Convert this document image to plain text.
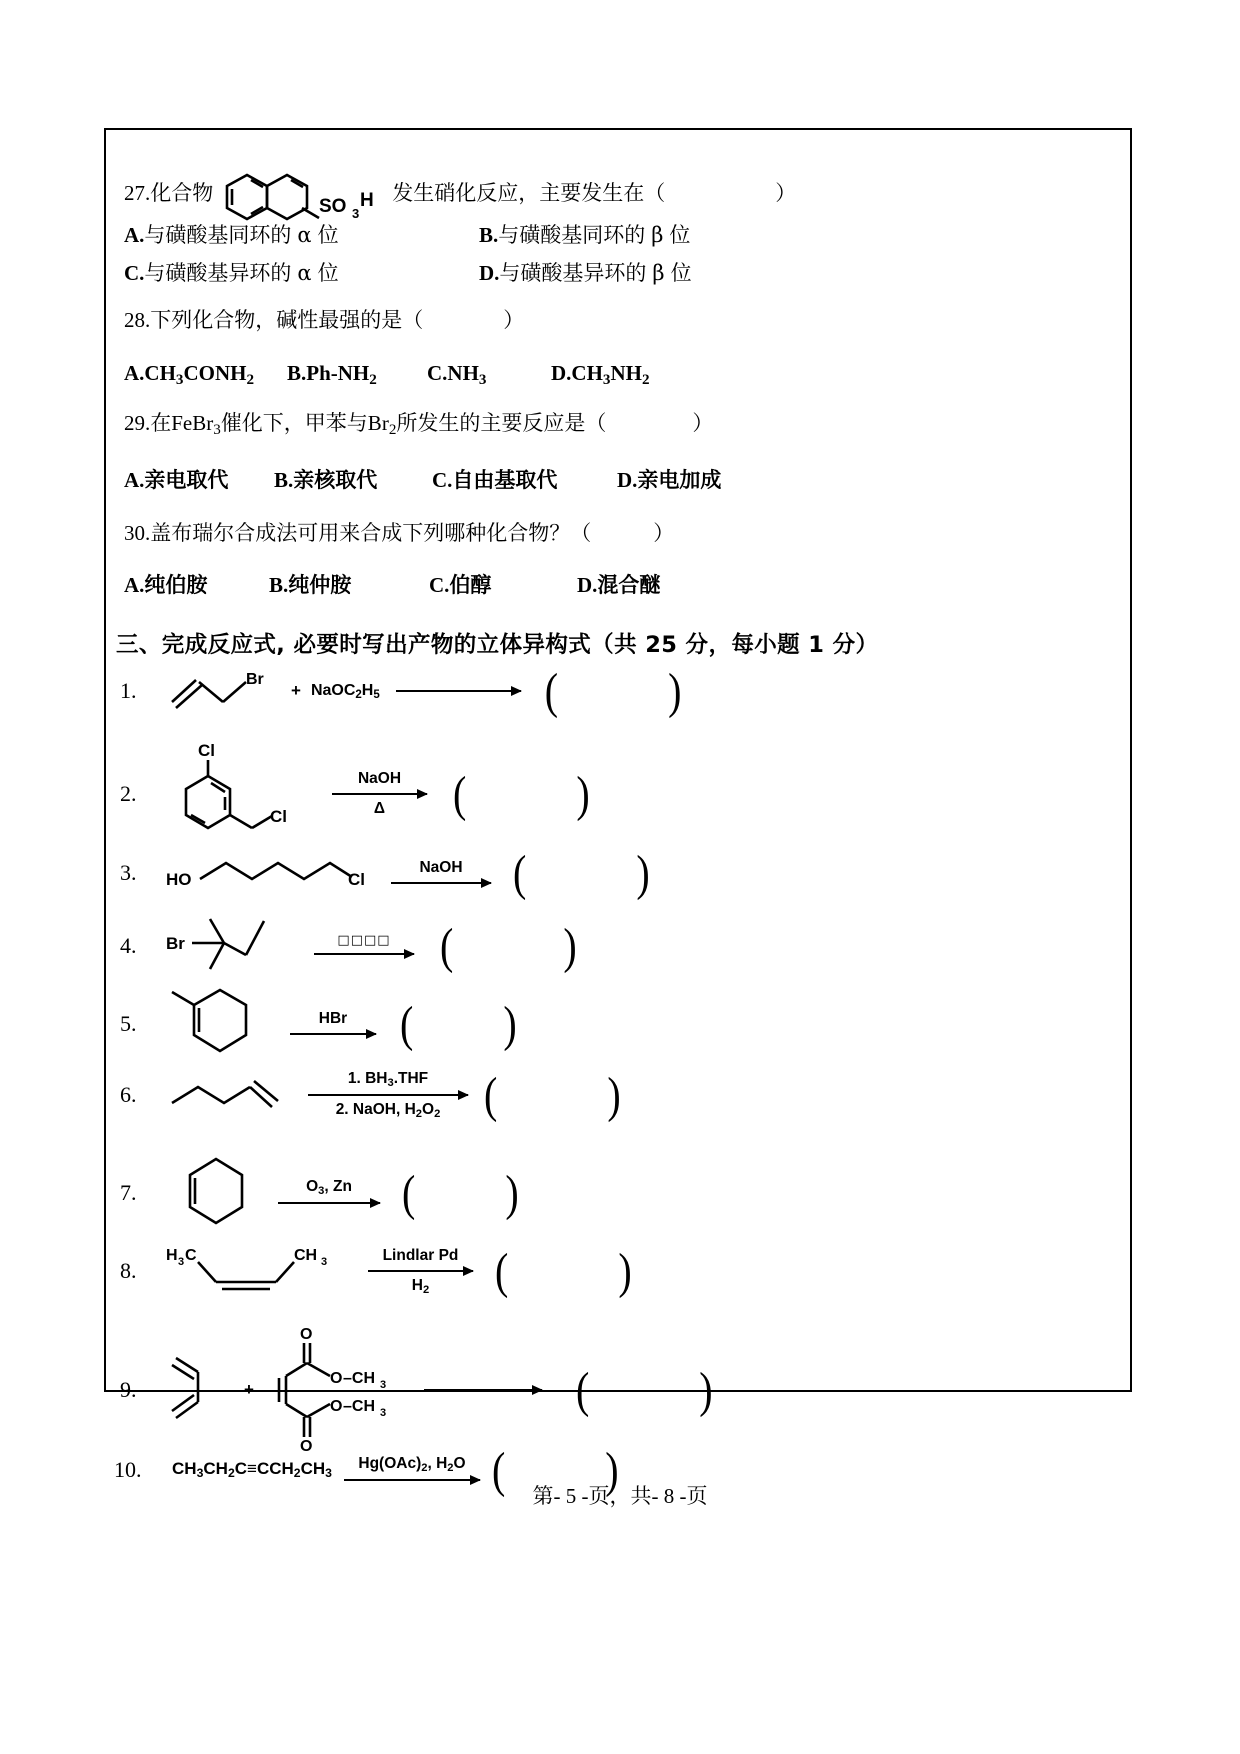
27.化合物
SO 3
H 发生硝化反应，主要发生在（	）
A.与磺酸基同环的 α 位	B.与磺酸基同环的 β 位
C.与磺酸基异环的 α 位	D.与磺酸基异环的 β 位
28.下列化合物，碱性最强的是（	）
$A.CH_3CONH_2$	$B.Ph-NH_2$	$C.NH_3$	$D.CH_3NH_2$
29.在FeBr$_3$催化下，甲苯与$Br_2$所发生的主要反应是（	）
A.亲电取代	B.亲核取代	C.自由基取代	D.亲电加成
30.盖布瑞尔合成法可用来合成下列哪种化合物？（	）
A.纯伯胺	B.纯仲胺	C.伯醇	D.混合醚
三、完成反应式, 必要时写出产物的立体异构式（共 25 分，每小题 1 分）
1.	Br
+ $NaOC_2H_5$	(           )
2.
Cl
Cl
NaOH
Δ (           )
3.	HO	Cl
NaOH (           )
4.	Br	□□□□ (           )
5.	HBr (         )
6.
1. $BH_3.THF$
2. NaOH, $H_2O_2$ (           )
7.	$O_3$, Zn (         )
8.
H 3 C	CH 3	Lindlar Pd
$H_2$ (           )
9.	+
O
O –CH 3
O –CH 3
O
(           )
10.	$CH_3CH_2C\equiv CCH_2CH_3$
$Hg(OAc)_2$, $H_2O$ (          )
第- 5 -页，共- 8 -页
